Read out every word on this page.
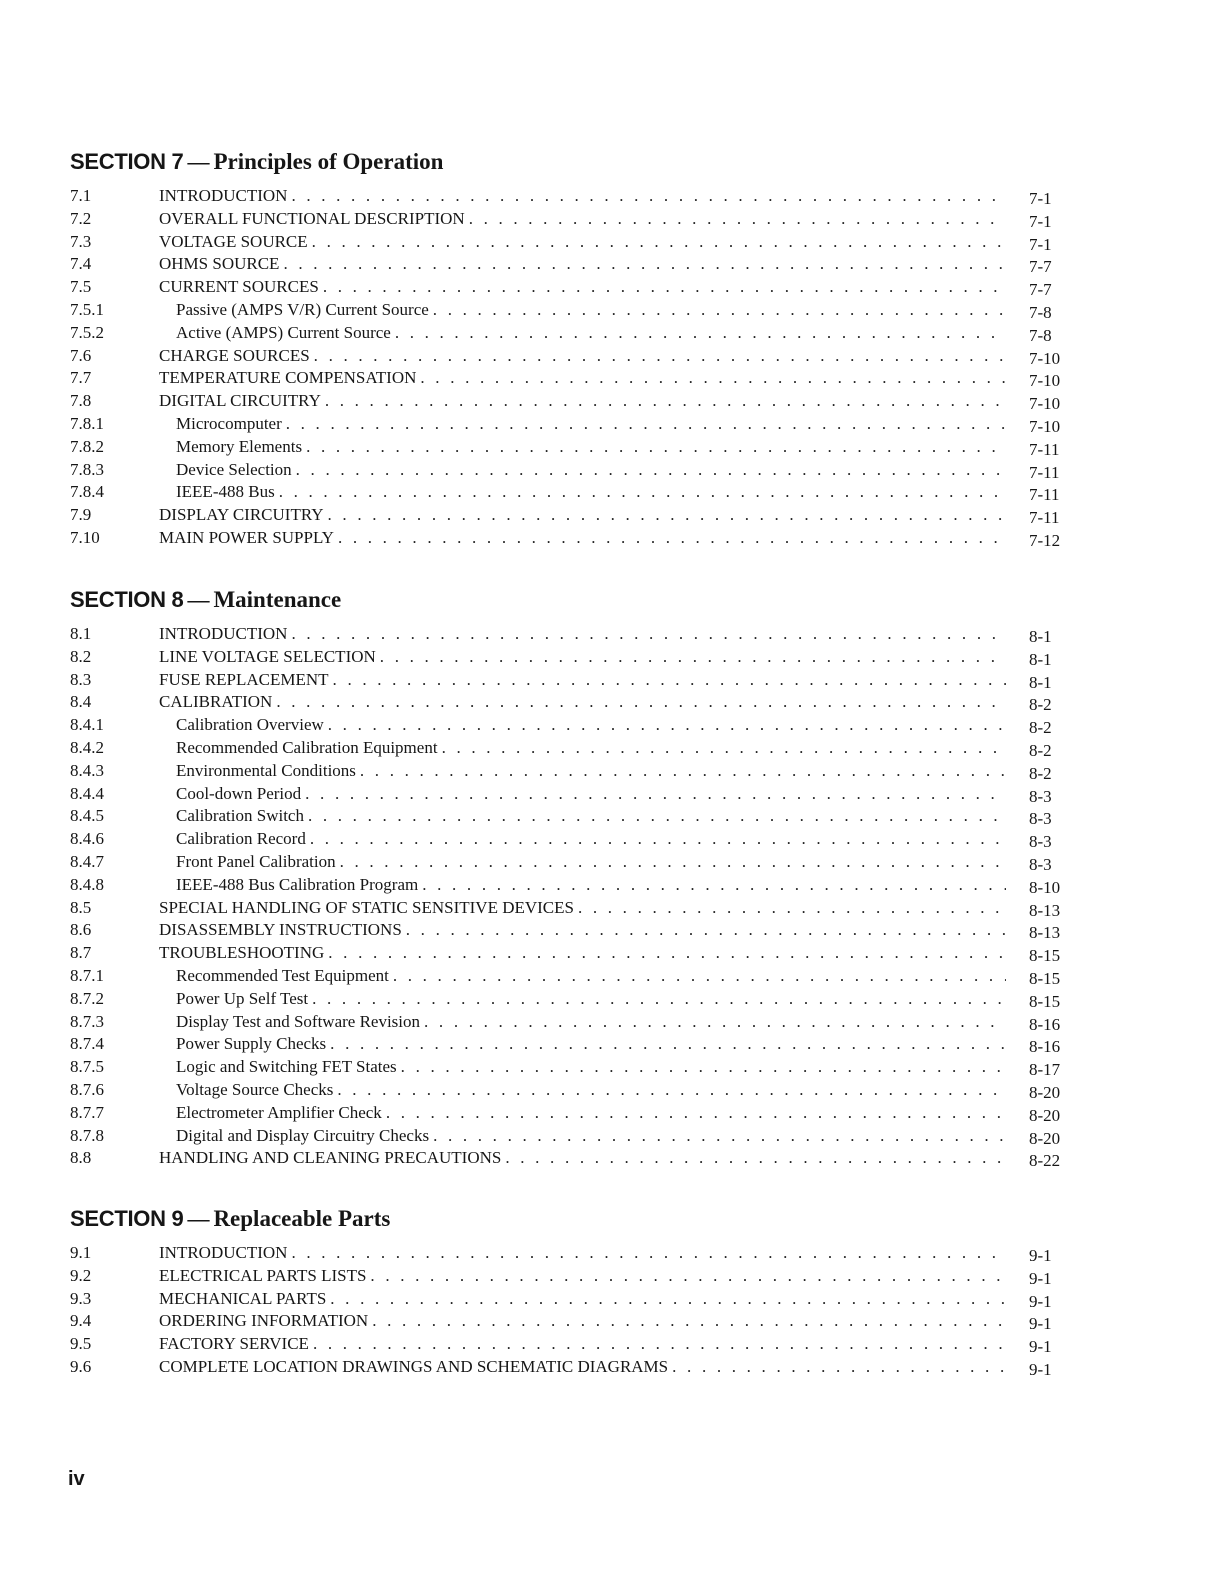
SECTION 7 — Principles of Operation
7.1	INTRODUCTION . . .	7-1
7.2	OVERALL FUNCTIONAL DESCRIPTION . . .	7-1
7.3	VOLTAGE SOURCE . . .	7-1
7.4	OHMS SOURCE . . .	7-7
7.5	CURRENT SOURCES . . .	7-7
7.5.1	Passive (AMPS V/R) Current Source . . .	7-8
7.5.2	Active (AMPS) Current Source . . .	7-8
7.6	CHARGE SOURCES . . .	7-10
7.7	TEMPERATURE COMPENSATION . . .	7-10
7.8	DIGITAL CIRCUITRY . . .	7-10
7.8.1	Microcomputer . . .	7-10
7.8.2	Memory Elements . . .	7-11
7.8.3	Device Selection . . .	7-11
7.8.4	IEEE-488 Bus . . .	7-11
7.9	DISPLAY CIRCUITRY . . .	7-11
7.10	MAIN POWER SUPPLY . . .	7-12
SECTION 8 — Maintenance
8.1	INTRODUCTION . . .	8-1
8.2	LINE VOLTAGE SELECTION . . .	8-1
8.3	FUSE REPLACEMENT . . .	8-1
8.4	CALIBRATION . . .	8-2
8.4.1	Calibration Overview . . .	8-2
8.4.2	Recommended Calibration Equipment . . .	8-2
8.4.3	Environmental Conditions . . .	8-2
8.4.4	Cool-down Period . . .	8-3
8.4.5	Calibration Switch . . .	8-3
8.4.6	Calibration Record . . .	8-3
8.4.7	Front Panel Calibration . . .	8-3
8.4.8	IEEE-488 Bus Calibration Program . . .	8-10
8.5	SPECIAL HANDLING OF STATIC SENSITIVE DEVICES . . .	8-13
8.6	DISASSEMBLY INSTRUCTIONS . . .	8-13
8.7	TROUBLESHOOTING . . .	8-15
8.7.1	Recommended Test Equipment . . .	8-15
8.7.2	Power Up Self Test . . .	8-15
8.7.3	Display Test and Software Revision . . .	8-16
8.7.4	Power Supply Checks . . .	8-16
8.7.5	Logic and Switching FET States . . .	8-17
8.7.6	Voltage Source Checks . . .	8-20
8.7.7	Electrometer Amplifier Check . . .	8-20
8.7.8	Digital and Display Circuitry Checks . . .	8-20
8.8	HANDLING AND CLEANING PRECAUTIONS . . .	8-22
SECTION 9 — Replaceable Parts
9.1	INTRODUCTION . . .	9-1
9.2	ELECTRICAL PARTS LISTS . . .	9-1
9.3	MECHANICAL PARTS . . .	9-1
9.4	ORDERING INFORMATION . . .	9-1
9.5	FACTORY SERVICE . . .	9-1
9.6	COMPLETE LOCATION DRAWINGS AND SCHEMATIC DIAGRAMS . . .	9-1
iv
